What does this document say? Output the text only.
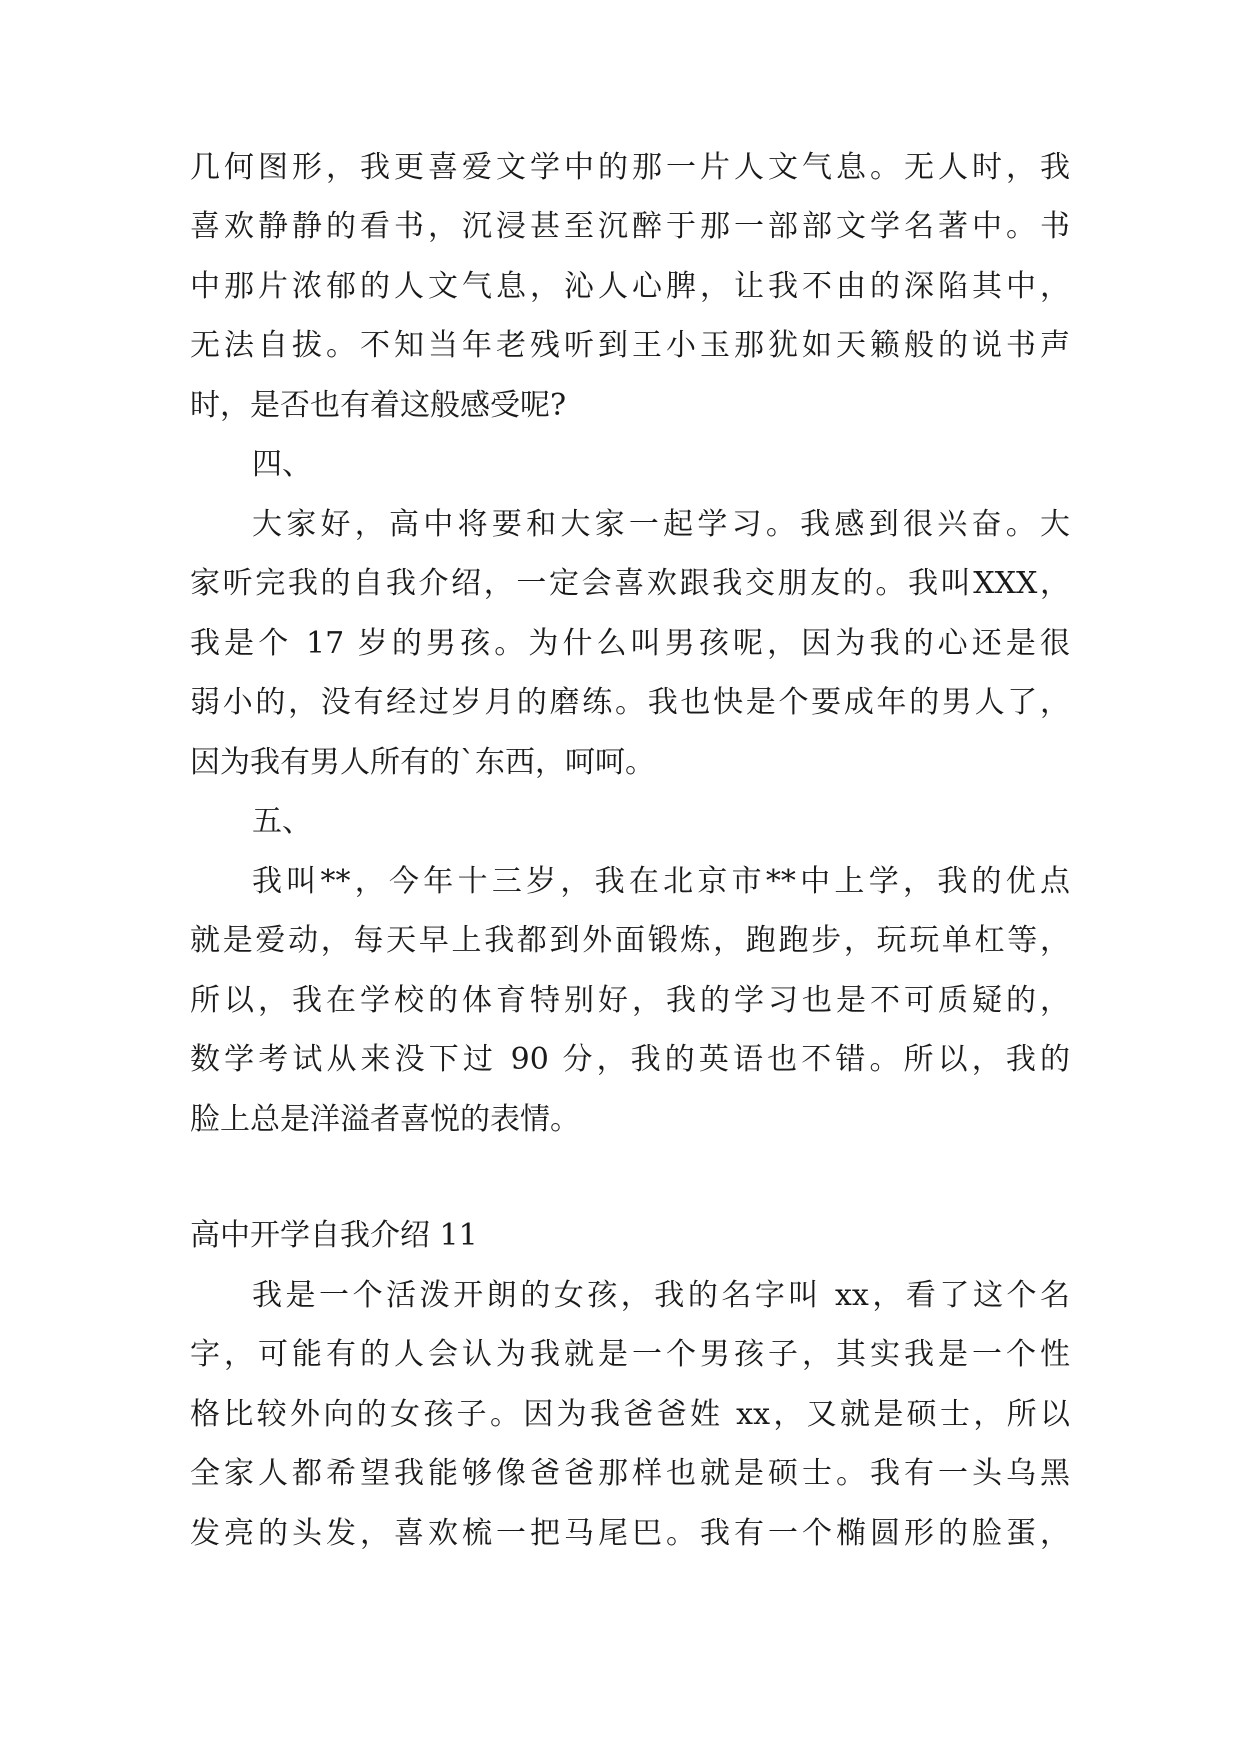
几何图形，我更喜爱文学中的那一片人文气息。无人时，我
喜欢静静的看书，沉浸甚至沉醉于那一部部文学名著中。书
中那片浓郁的人文气息，沁人心脾，让我不由的深陷其中，
无法自拔。不知当年老残听到王小玉那犹如天籁般的说书声
时，是否也有着这般感受呢?
四、
大家好，高中将要和大家一起学习。我感到很兴奋。大
家听完我的自我介绍，一定会喜欢跟我交朋友的。我叫XXX，
我是个 17 岁的男孩。为什么叫男孩呢，因为我的心还是很
弱小的，没有经过岁月的磨练。我也快是个要成年的男人了，
因为我有男人所有的`东西，呵呵。
五、
我叫**，今年十三岁，我在北京市**中上学，我的优点
就是爱动，每天早上我都到外面锻炼，跑跑步，玩玩单杠等，
所以，我在学校的体育特别好，我的学习也是不可质疑的，
数学考试从来没下过 90 分，我的英语也不错。所以，我的
脸上总是洋溢者喜悦的表情。
高中开学自我介绍 11
我是一个活泼开朗的女孩，我的名字叫 xx，看了这个名
字，可能有的人会认为我就是一个男孩子，其实我是一个性
格比较外向的女孩子。因为我爸爸姓 xx，又就是硕士，所以
全家人都希望我能够像爸爸那样也就是硕士。我有一头乌黑
发亮的头发，喜欢梳一把马尾巴。我有一个椭圆形的脸蛋，
